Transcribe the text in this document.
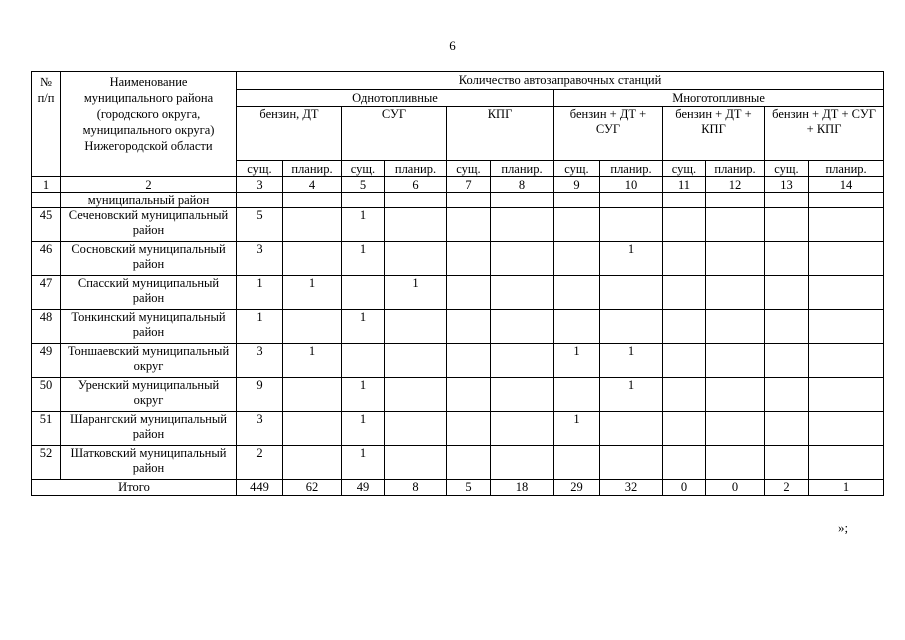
6
№ п/п	Наименование муниципального района (городского округа, муниципального округа) Нижегородской области	Количество автозаправочных станций											
		Однотопливные						Многотопливные					
		бензин, ДТ		СУГ		КПГ		бензин + ДТ + СУГ		бензин + ДТ + КПГ		бензин + ДТ + СУГ + КПГ	
		сущ.	планир.	сущ.	планир.	сущ.	планир.	сущ.	планир.	сущ.	планир.	сущ.	планир.
1	2	3	4	5	6	7	8	9	10	11	12	13	14
	муниципальный район												
45	Сеченовский муниципальный район	5		1									
46	Сосновский муниципальный район	3		1					1				
47	Спасский муниципальный район	1	1		1								
48	Тонкинский муниципальный район	1		1									
49	Тоншаевский муниципальный округ	3	1					1	1				
50	Уренский муниципальный округ	9		1					1				
51	Шарангский муниципальный район	3		1				1					
52	Шатковский муниципальный район	2		1									
Итого		449	62	49	8	5	18	29	32	0	0	2	1
»;
